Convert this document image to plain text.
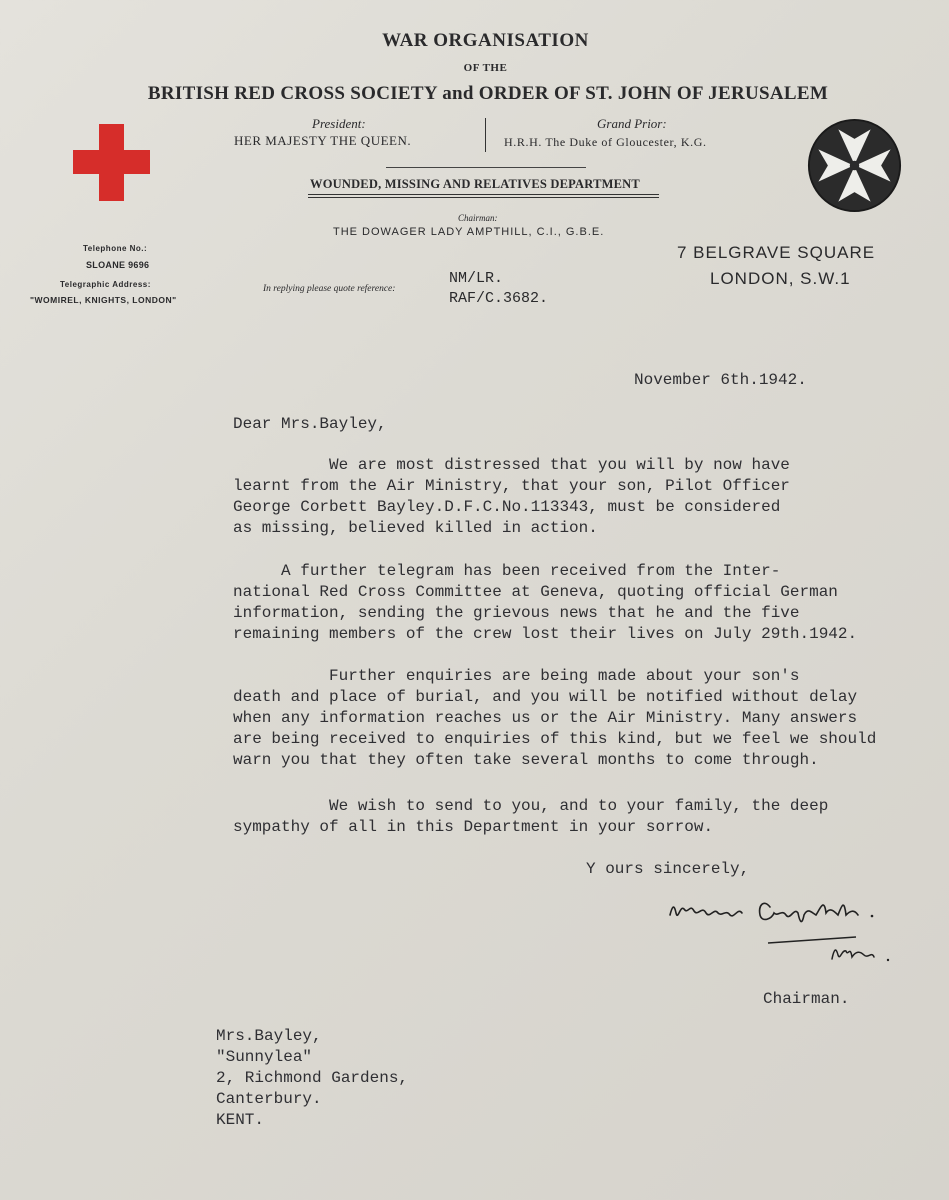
WAR ORGANISATION
OF THE
BRITISH RED CROSS SOCIETY and ORDER OF ST. JOHN OF JERUSALEM
President:
HER MAJESTY THE QUEEN.
Grand Prior:
H.R.H. The Duke of Gloucester, K.G.
WOUNDED, MISSING AND RELATIVES DEPARTMENT
Chairman:
THE DOWAGER LADY AMPTHILL, C.I., G.B.E.
7 BELGRAVE SQUARE
LONDON, S.W.1
Telephone No.:
SLOANE 9696
Telegraphic Address:
"WOMIREL, KNIGHTS, LONDON"
In replying please quote reference:
NM/LR.
RAF/C.3682.
November 6th.1942.
Dear Mrs.Bayley,
We are most distressed that you will by now have
learnt from the Air Ministry, that your son, Pilot Officer
George Corbett Bayley.D.F.C.No.113343, must be considered
as missing, believed killed in action.
A further telegram has been received from the Inter-
national Red Cross Committee at Geneva, quoting official German
information, sending the grievous news that he and the five
remaining members of the crew lost their lives on July 29th.1942.
Further enquiries are being made about your son's
death and place of burial, and you will be notified without delay
when any information reaches us or the Air Ministry. Many answers
are being received to enquiries of this kind, but we feel we should
warn you that they often take several months to come through.
We wish to send to you, and to your family, the deep
sympathy of all in this Department in your sorrow.
Y ours sincerely,
Chairman.
Mrs.Bayley,
"Sunnylea"
2, Richmond Gardens,
Canterbury.
KENT.
